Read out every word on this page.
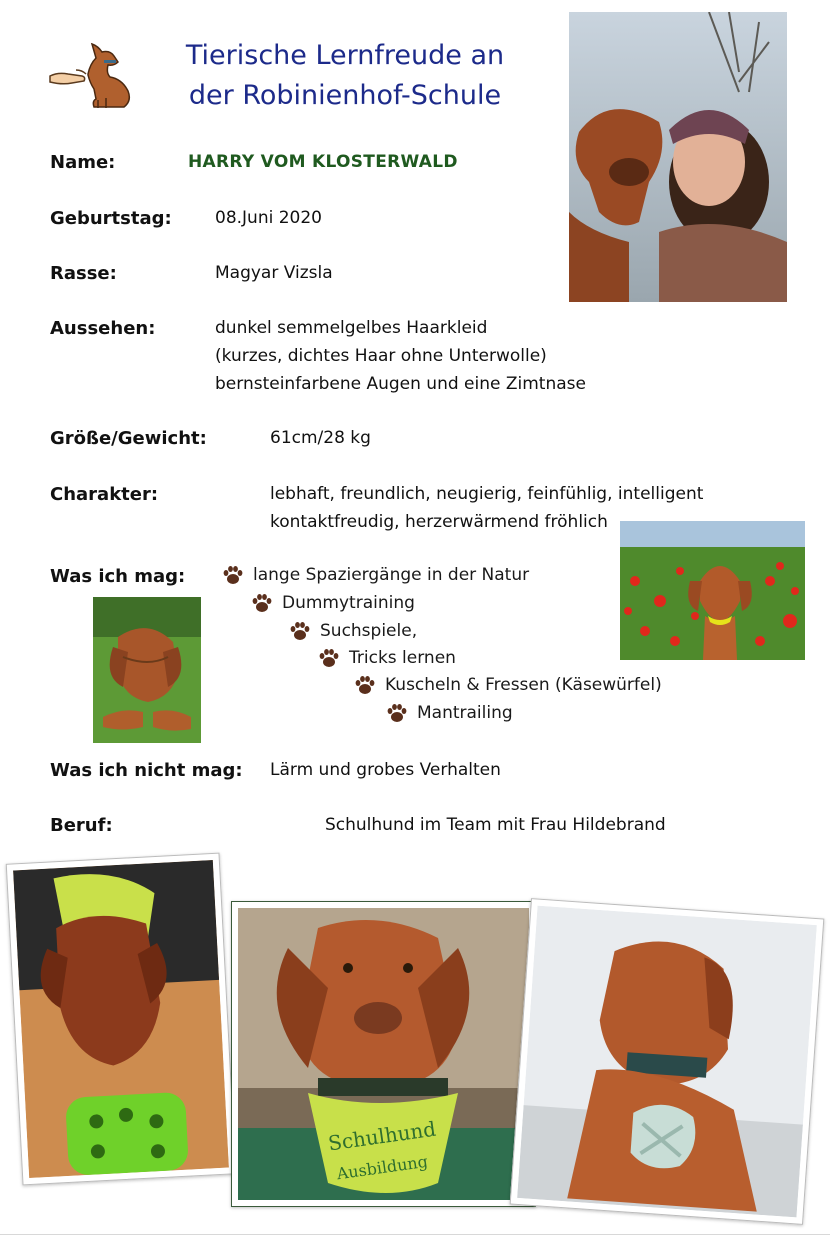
Tierische Lernfreude an
der Robinienhof-Schule
Name:	HARRY VOM KLOSTERWALD
Geburtstag:	08.Juni 2020
Rasse:	Magyar Vizsla
Aussehen:	dunkel semmelgelbes Haarkleid
(kurzes, dichtes Haar ohne Unterwolle)
bernsteinfarbene Augen und eine Zimtnase
Größe/Gewicht:	61cm/28 kg
Charakter:	lebhaft, freundlich, neugierig, feinfühlig, intelligent
kontaktfreudig, herzerwärmend fröhlich
Was ich mag:	lange Spaziergänge in der Natur
Dummytraining
Suchspiele,
Tricks lernen
Kuscheln & Fressen (Käsewürfel)
Mantrailing
Was ich nicht mag: Lärm und grobes Verhalten
Beruf:	Schulhund im Team mit Frau Hildebrand
Schulhund
Ausbildung
